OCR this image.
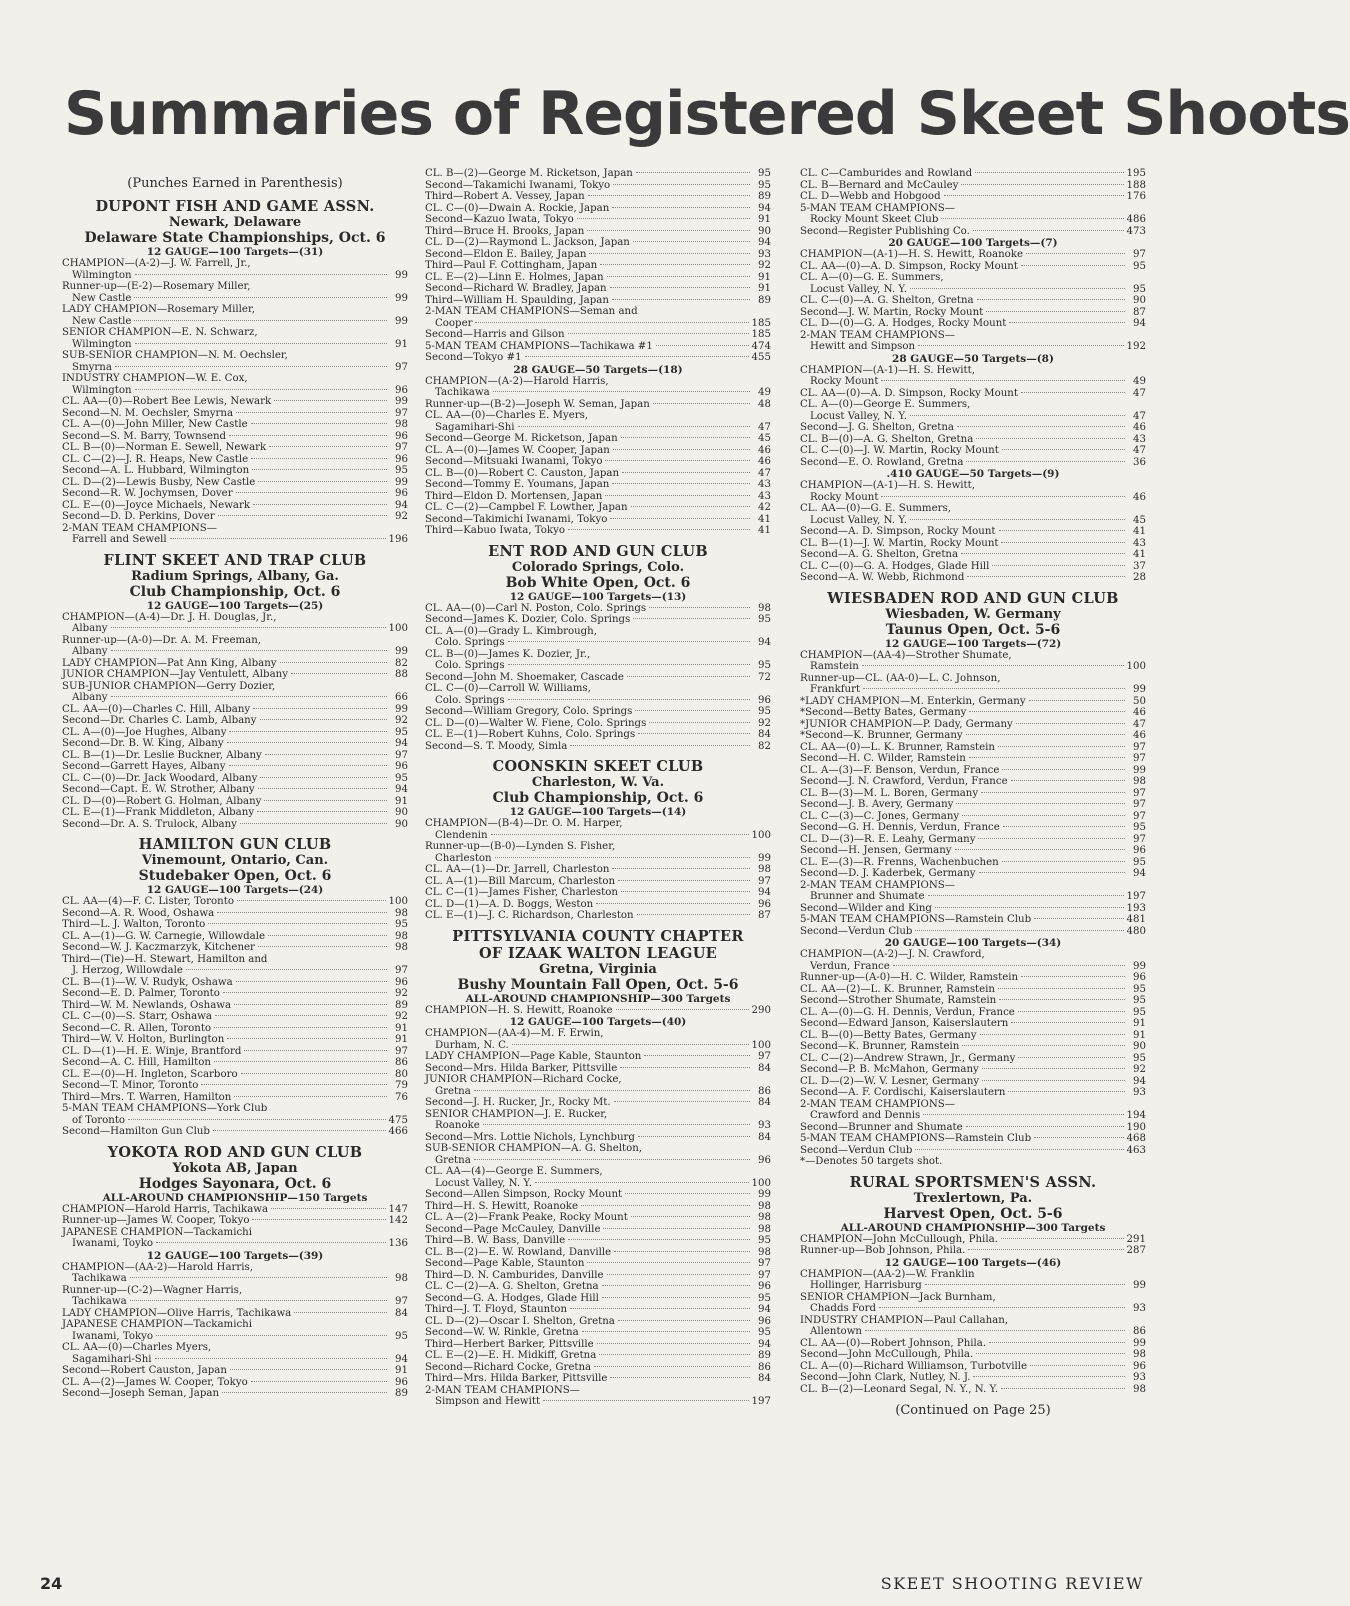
Summaries of Registered Skeet Shoots
(Punches Earned in Parenthesis)
DUPONT FISH AND GAME ASSN.
Newark, Delaware
Delaware State Championships, Oct. 6
12 GAUGE—100 Targets—(31)
CHAMPION—(A-2)—J. W. Farrell, Jr.,
Wilmington	99
Runner-up—(E-2)—Rosemary Miller,
New Castle	99
LADY CHAMPION—Rosemary Miller,
New Castle	99
SENIOR CHAMPION—E. N. Schwarz,
Wilmington	91
SUB-SENIOR CHAMPION—N. M. Oechsler,
Smyrna	97
INDUSTRY CHAMPION—W. E. Cox,
Wilmington	96
CL. AA—(0)—Robert Bee Lewis, Newark	99
Second—N. M. Oechsler, Smyrna	97
CL. A—(0)—John Miller, New Castle	98
Second—S. M. Barry, Townsend	96
CL. B—(0)—Norman E. Sewell, Newark	97
CL. C—(2)—J. R. Heaps, New Castle	96
Second—A. L. Hubbard, Wilmington	95
CL. D—(2)—Lewis Busby, New Castle	99
Second—R. W. Jochymsen, Dover	96
CL. E—(0)—Joyce Michaels, Newark	94
Second—D. D. Perkins, Dover	92
2-MAN TEAM CHAMPIONS—
Farrell and Sewell	196
FLINT SKEET AND TRAP CLUB
Radium Springs, Albany, Ga.
Club Championship, Oct. 6
12 GAUGE—100 Targets—(25)
CHAMPION—(A-4)—Dr. J. H. Douglas, Jr.,
Albany	100
Runner-up—(A-0)—Dr. A. M. Freeman,
Albany	99
LADY CHAMPION—Pat Ann King, Albany	82
JUNIOR CHAMPION—Jay Ventulett, Albany	88
SUB-JUNIOR CHAMPION—Gerry Dozier,
Albany	66
CL. AA—(0)—Charles C. Hill, Albany	99
Second—Dr. Charles C. Lamb, Albany	92
CL. A—(0)—Joe Hughes, Albany	95
Second—Dr. B. W. King, Albany	94
CL. B—(1)—Dr. Leslie Buckner, Albany	97
Second—Garrett Hayes, Albany	96
CL. C—(0)—Dr. Jack Woodard, Albany	95
Second—Capt. E. W. Strother, Albany	94
CL. D—(0)—Robert G. Holman, Albany	91
CL. E—(1)—Frank Middleton, Albany	90
Second—Dr. A. S. Trulock, Albany	90
HAMILTON GUN CLUB
Vinemount, Ontario, Can.
Studebaker Open, Oct. 6
12 GAUGE—100 Targets—(24)
CL. AA—(4)—F. C. Lister, Toronto	100
Second—A. R. Wood, Oshawa	98
Third—L. J. Walton, Toronto	95
CL. A—(1)—G. W. Carnegie, Willowdale	98
Second—W. J. Kaczmarzyk, Kitchener	98
Third—(Tie)—H. Stewart, Hamilton and
J. Herzog, Willowdale	97
CL. B—(1)—W. V. Rudyk, Oshawa	96
Second—E. D. Palmer, Toronto	92
Third—W. M. Newlands, Oshawa	89
CL. C—(0)—S. Starr, Oshawa	92
Second—C. R. Allen, Toronto	91
Third—W. V. Holton, Burlington	91
CL. D—(1)—H. E. Winje, Brantford	97
Second—A. C. Hill, Hamilton	86
CL. E—(0)—H. Ingleton, Scarboro	80
Second—T. Minor, Toronto	79
Third—Mrs. T. Warren, Hamilton	76
5-MAN TEAM CHAMPIONS—York Club
of Toronto	475
Second—Hamilton Gun Club	466
YOKOTA ROD AND GUN CLUB
Yokota AB, Japan
Hodges Sayonara, Oct. 6
ALL-AROUND CHAMPIONSHIP—150 Targets
CHAMPION—Harold Harris, Tachikawa	147
Runner-up—James W. Cooper, Tokyo	142
JAPANESE CHAMPION—Tackamichi
Iwanami, Toyko	136
12 GAUGE—100 Targets—(39)
CHAMPION—(AA-2)—Harold Harris,
Tachikawa	98
Runner-up—(C-2)—Wagner Harris,
Tachikawa	97
LADY CHAMPION—Olive Harris, Tachikawa	84
JAPANESE CHAMPION—Tackamichi
Iwanami, Tokyo	95
CL. AA—(0)—Charles Myers,
Sagamihari-Shi	94
Second—Robert Causton, Japan	91
CL. A—(2)—James W. Cooper, Tokyo	96
Second—Joseph Seman, Japan	89
CL. B—(2)—George M. Ricketson, Japan	95
Second—Takamichi Iwanami, Tokyo	95
Third—Robert A. Vessey, Japan	89
CL. C—(0)—Dwain A. Rockie, Japan	94
Second—Kazuo Iwata, Tokyo	91
Third—Bruce H. Brooks, Japan	90
CL. D—(2)—Raymond L. Jackson, Japan	94
Second—Eldon E. Bailey, Japan	93
Third—Paul F. Cottingham, Japan	92
CL. E—(2)—Linn E. Holmes, Japan	91
Second—Richard W. Bradley, Japan	91
Third—William H. Spaulding, Japan	89
2-MAN TEAM CHAMPIONS—Seman and
Cooper	185
Second—Harris and Gilson	185
5-MAN TEAM CHAMPIONS—Tachikawa #1	474
Second—Tokyo #1	455
28 GAUGE—50 Targets—(18)
CHAMPION—(A-2)—Harold Harris,
Tachikawa	49
Runner-up—(B-2)—Joseph W. Seman, Japan	48
CL. AA—(0)—Charles E. Myers,
Sagamihari-Shi	47
Second—George M. Ricketson, Japan	45
CL. A—(0)—James W. Cooper, Japan	46
Second—Mitsuaki Iwanami, Tokyo	46
CL. B—(0)—Robert C. Causton, Japan	47
Second—Tommy E. Youmans, Japan	43
Third—Eldon D. Mortensen, Japan	43
CL. C—(2)—Campbel F. Lowther, Japan	42
Second—Takimichi Iwanami, Tokyo	41
Third—Kabuo Iwata, Tokyo	41
ENT ROD AND GUN CLUB
Colorado Springs, Colo.
Bob White Open, Oct. 6
12 GAUGE—100 Targets—(13)
CL. AA—(0)—Carl N. Poston, Colo. Springs	98
Second—James K. Dozier, Colo. Springs	95
CL. A—(0)—Grady L. Kimbrough,
Colo. Springs	94
CL. B—(0)—James K. Dozier, Jr.,
Colo. Springs	95
Second—John M. Shoemaker, Cascade	72
CL. C—(0)—Carroll W. Williams,
Colo. Springs	96
Second—William Gregory, Colo. Springs	95
CL. D—(0)—Walter W. Fiene, Colo. Springs	92
CL. E—(1)—Robert Kuhns, Colo. Springs	84
Second—S. T. Moody, Simla	82
COONSKIN SKEET CLUB
Charleston, W. Va.
Club Championship, Oct. 6
12 GAUGE—100 Targets—(14)
CHAMPION—(B-4)—Dr. O. M. Harper,
Clendenin	100
Runner-up—(B-0)—Lynden S. Fisher,
Charleston	99
CL. AA—(1)—Dr. Jarrell, Charleston	98
CL. A—(1)—Bill Marcum, Charleston	97
CL. C—(1)—James Fisher, Charleston	94
CL. D—(1)—A. D. Boggs, Weston	96
CL. E—(1)—J. C. Richardson, Charleston	87
PITTSYLVANIA COUNTY CHAPTER
OF IZAAK WALTON LEAGUE
Gretna, Virginia
Bushy Mountain Fall Open, Oct. 5-6
ALL-AROUND CHAMPIONSHIP—300 Targets
CHAMPION—H. S. Hewitt, Roanoke	290
12 GAUGE—100 Targets—(40)
CHAMPION—(AA-4)—M. F. Erwin,
Durham, N. C.	100
LADY CHAMPION—Page Kable, Staunton	97
Second—Mrs. Hilda Barker, Pittsville	84
JUNIOR CHAMPION—Richard Cocke,
Gretna	86
Second—J. H. Rucker, Jr., Rocky Mt.	84
SENIOR CHAMPION—J. E. Rucker,
Roanoke	93
Second—Mrs. Lottie Nichols, Lynchburg	84
SUB-SENIOR CHAMPION—A. G. Shelton,
Gretna	96
CL. AA—(4)—George E. Summers,
Locust Valley, N. Y.	100
Second—Allen Simpson, Rocky Mount	99
Third—H. S. Hewitt, Roanoke	98
CL. A—(2)—Frank Peake, Rocky Mount	98
Second—Page McCauley, Danville	98
Third—B. W. Bass, Danville	95
CL. B—(2)—E. W. Rowland, Danville	98
Second—Page Kable, Staunton	97
Third—D. N. Camburides, Danville	97
CL. C—(2)—A. G. Shelton, Gretna	96
Second—G. A. Hodges, Glade Hill	95
Third—J. T. Floyd, Staunton	94
CL. D—(2)—Oscar I. Shelton, Gretna	96
Second—W. W. Rinkle, Gretna	95
Third—Herbert Barker, Pittsville	94
CL. E—(2)—E. H. Midkiff, Gretna	89
Second—Richard Cocke, Gretna	86
Third—Mrs. Hilda Barker, Pittsville	84
2-MAN TEAM CHAMPIONS—
Simpson and Hewitt	197
CL. C—Camburides and Rowland	195
CL. B—Bernard and McCauley	188
CL. D—Webb and Hobgood	176
5-MAN TEAM CHAMPIONS—
Rocky Mount Skeet Club	486
Second—Register Publishing Co.	473
20 GAUGE—100 Targets—(7)
CHAMPION—(A-1)—H. S. Hewitt, Roanoke	97
CL. AA—(0)—A. D. Simpson, Rocky Mount	95
CL. A—(0)—G. E. Summers,
Locust Valley, N. Y.	95
CL. C—(0)—A. G. Shelton, Gretna	90
Second—J. W. Martin, Rocky Mount	87
CL. D—(0)—G. A. Hodges, Rocky Mount	94
2-MAN TEAM CHAMPIONS—
Hewitt and Simpson	192
28 GAUGE—50 Targets—(8)
CHAMPION—(A-1)—H. S. Hewitt,
Rocky Mount	49
CL. AA—(0)—A. D. Simpson, Rocky Mount	47
CL. A—(0)—George E. Summers,
Locust Valley, N. Y.	47
Second—J. G. Shelton, Gretna	46
CL. B—(0)—A. G. Shelton, Gretna	43
CL. C—(0)—J. W. Martin, Rocky Mount	47
Second—E. O. Rowland, Gretna	36
.410 GAUGE—50 Targets—(9)
CHAMPION—(A-1)—H. S. Hewitt,
Rocky Mount	46
CL. AA—(0)—G. E. Summers,
Locust Valley, N. Y.	45
Second—A. D. Simpson, Rocky Mount	41
CL. B—(1)—J. W. Martin, Rocky Mount	43
Second—A. G. Shelton, Gretna	41
CL. C—(0)—G. A. Hodges, Glade Hill	37
Second—A. W. Webb, Richmond	28
WIESBADEN ROD AND GUN CLUB
Wiesbaden, W. Germany
Taunus Open, Oct. 5-6
12 GAUGE—100 Targets—(72)
CHAMPION—(AA-4)—Strother Shumate,
Ramstein	100
Runner-up—CL. (AA-0)—L. C. Johnson,
Frankfurt	99
*LADY CHAMPION—M. Enterkin, Germany	50
*Second—Betty Bates, Germany	46
*JUNIOR CHAMPION—P. Dady, Germany	47
*Second—K. Brunner, Germany	46
CL. AA—(0)—L. K. Brunner, Ramstein	97
Second—H. C. Wilder, Ramstein	97
CL. A—(3)—F. Benson, Verdun, France	99
Second—J. N. Crawford, Verdun, France	98
CL. B—(3)—M. L. Boren, Germany	97
Second—J. B. Avery, Germany	97
CL. C—(3)—C. Jones, Germany	97
Second—G. H. Dennis, Verdun, France	95
CL. D—(3)—R. E. Leahy, Germany	97
Second—H. Jensen, Germany	96
CL. E—(3)—R. Frenns, Wachenbuchen	95
Second—D. J. Kaderbek, Germany	94
2-MAN TEAM CHAMPIONS—
Brunner and Shumate	197
Second—Wilder and King	193
5-MAN TEAM CHAMPIONS—Ramstein Club	481
Second—Verdun Club	480
20 GAUGE—100 Targets—(34)
CHAMPION—(A-2)—J. N. Crawford,
Verdun, France	99
Runner-up—(A-0)—H. C. Wilder, Ramstein	96
CL. AA—(2)—L. K. Brunner, Ramstein	95
Second—Strother Shumate, Ramstein	95
CL. A—(0)—G. H. Dennis, Verdun, France	95
Second—Edward Janson, Kaiserslautern	91
CL. B—(0)—Betty Bates, Germany	91
Second—K. Brunner, Ramstein	90
CL. C—(2)—Andrew Strawn, Jr., Germany	95
Second—P. B. McMahon, Germany	92
CL. D—(2)—W. V. Lesner, Germany	94
Second—A. F. Cordischi, Kaiserslautern	93
2-MAN TEAM CHAMPIONS—
Crawford and Dennis	194
Second—Brunner and Shumate	190
5-MAN TEAM CHAMPIONS—Ramstein Club	468
Second—Verdun Club	463
*—Denotes 50 targets shot.
RURAL SPORTSMEN'S ASSN.
Trexlertown, Pa.
Harvest Open, Oct. 5-6
ALL-AROUND CHAMPIONSHIP—300 Targets
CHAMPION—John McCullough, Phila.	291
Runner-up—Bob Johnson, Phila.	287
12 GAUGE—100 Targets—(46)
CHAMPION—(AA-2)—W. Franklin
Hollinger, Harrisburg	99
SENIOR CHAMPION—Jack Burnham,
Chadds Ford	93
INDUSTRY CHAMPION—Paul Callahan,
Allentown	86
CL. AA—(0)—Robert Johnson, Phila.	99
Second—John McCullough, Phila.	98
CL. A—(0)—Richard Williamson, Turbotville	96
Second—John Clark, Nutley, N. J.	93
CL. B—(2)—Leonard Segal, N. Y., N. Y.	98
(Continued on Page 25)
24	SKEET SHOOTING REVIEW
